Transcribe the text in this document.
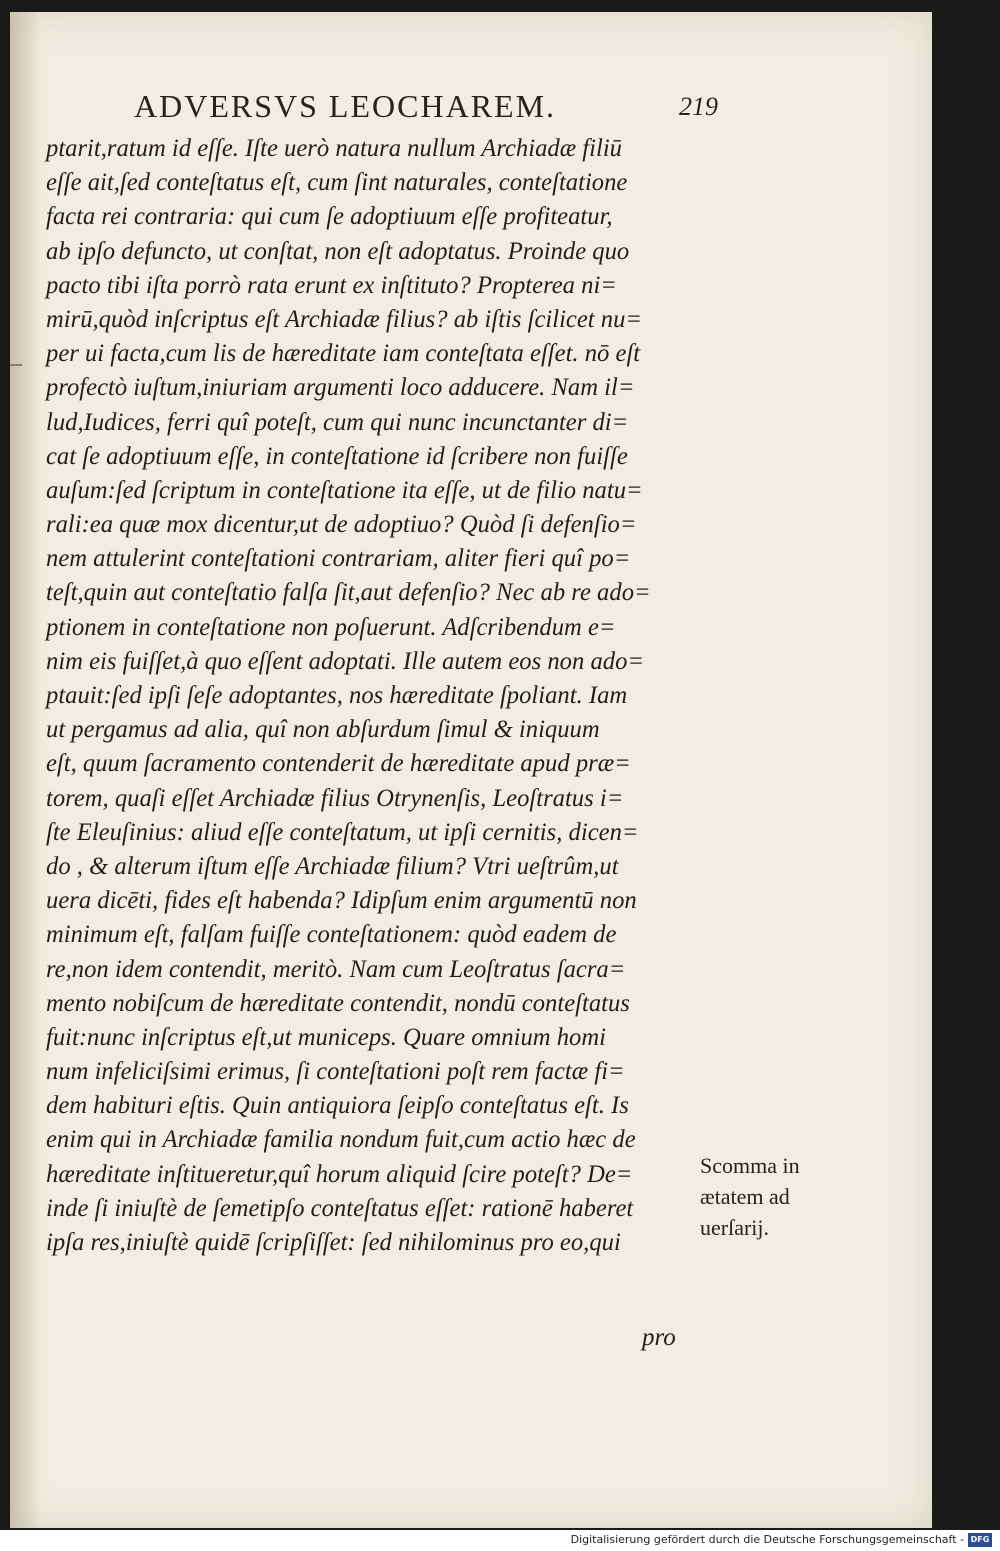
ADVERSVS LEOCHAREM.	219
ptarit,ratum id eſſe. Iſte uerò natura nullum Archiadæ filiū
eſſe ait,ſed conteſtatus eſt, cum ſint naturales, conteſtatione
facta rei contraria: qui cum ſe adoptiuum eſſe profiteatur,
ab ipſo defuncto, ut conſtat, non eſt adoptatus. Proinde quo
pacto tibi iſta porrò rata erunt ex inſtituto? Propterea ni=
mirū,quòd inſcriptus eſt Archiadæ filius? ab iſtis ſcilicet nu=
per ui facta,cum lis de hæreditate iam conteſtata eſſet. nō eſt
profectò iuſtum,iniuriam argumenti loco adducere. Nam il=
lud,Iudices, ferri quî poteſt, cum qui nunc incunctanter di=
cat ſe adoptiuum eſſe, in conteſtatione id ſcribere non fuiſſe
auſum:ſed ſcriptum in conteſtatione ita eſſe, ut de filio natu=
rali:ea quæ mox dicentur,ut de adoptiuo? Quòd ſi defenſio=
nem attulerint conteſtationi contrariam, aliter fieri quî po=
teſt,quin aut conteſtatio falſa ſit,aut defenſio? Nec ab re ado=
ptionem in conteſtatione non poſuerunt. Adſcribendum e=
nim eis fuiſſet,à quo eſſent adoptati. Ille autem eos non ado=
ptauit:ſed ipſi ſeſe adoptantes, nos hæreditate ſpoliant. Iam
ut pergamus ad alia, quî non abſurdum ſimul & iniquum
eſt, quum ſacramento contenderit de hæreditate apud præ=
torem, quaſi eſſet Archiadæ filius Otrynenſis, Leoſtratus i=
ſte Eleuſinius: aliud eſſe conteſtatum, ut ipſi cernitis, dicen=
do , & alterum iſtum eſſe Archiadæ filium? Vtri ueſtrûm,ut
uera dicēti, fides eſt habenda? Idipſum enim argumentū non
minimum eſt, falſam fuiſſe conteſtationem: quòd eadem de
re,non idem contendit, meritò. Nam cum Leoſtratus ſacra=
mento nobiſcum de hæreditate contendit, nondū conteſtatus
fuit:nunc inſcriptus eſt,ut municeps. Quare omnium homi
num infeliciſsimi erimus, ſi conteſtationi poſt rem factæ fi=
dem habituri eſtis. Quin antiquiora ſeipſo conteſtatus eſt. Is
enim qui in Archiadæ familia nondum fuit,cum actio hæc de
hæreditate inſtitueretur,quî horum aliquid ſcire poteſt? De=
inde ſi iniuſtè de ſemetipſo conteſtatus eſſet: rationē haberet
ipſa res,iniuſtè quidē ſcripſiſſet: ſed nihilominus pro eo,qui
pro
Scomma in
ætatem ad
uerſarij.
Digitalisierung gefördert durch die Deutsche Forschungsgemeinschaft - DFG
